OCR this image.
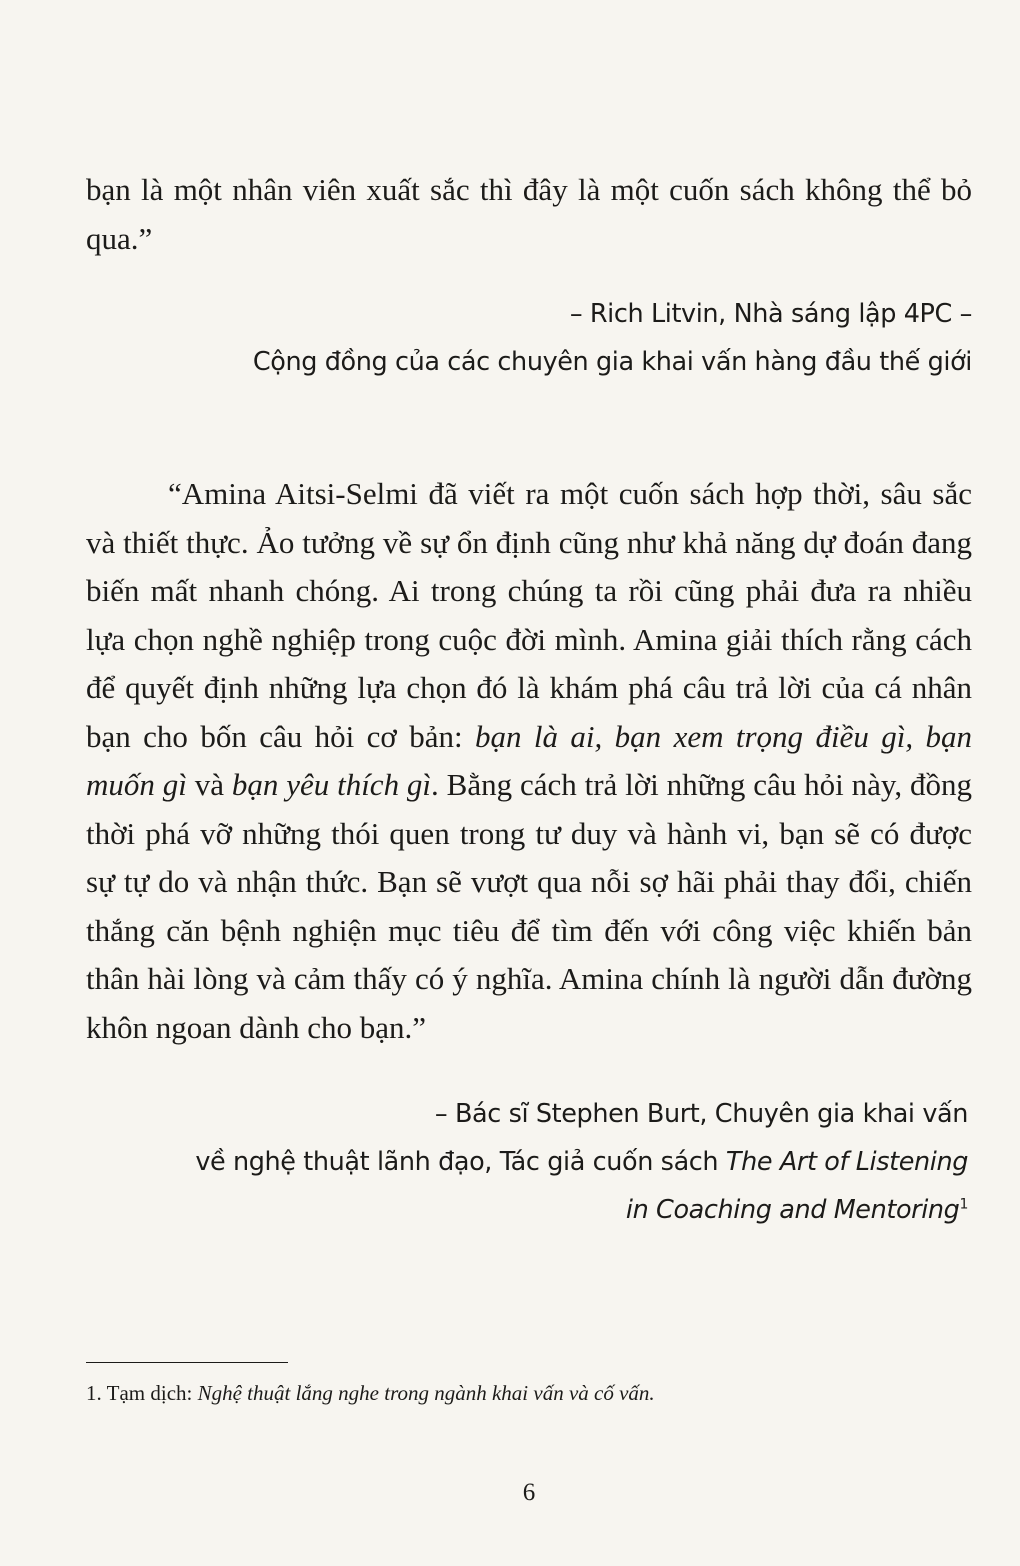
bạn là một nhân viên xuất sắc thì đây là một cuốn sách không thể bỏ qua.”

– Rich Litvin, Nhà sáng lập 4PC –
Cộng đồng của các chuyên gia khai vấn hàng đầu thế giới

“Amina Aitsi-Selmi đã viết ra một cuốn sách hợp thời, sâu sắc và thiết thực. Ảo tưởng về sự ổn định cũng như khả năng dự đoán đang biến mất nhanh chóng. Ai trong chúng ta rồi cũng phải đưa ra nhiều lựa chọn nghề nghiệp trong cuộc đời mình. Amina giải thích rằng cách để quyết định những lựa chọn đó là khám phá câu trả lời của cá nhân bạn cho bốn câu hỏi cơ bản: bạn là ai, bạn xem trọng điều gì, bạn muốn gì và bạn yêu thích gì. Bằng cách trả lời những câu hỏi này, đồng thời phá vỡ những thói quen trong tư duy và hành vi, bạn sẽ có được sự tự do và nhận thức. Bạn sẽ vượt qua nỗi sợ hãi phải thay đổi, chiến thắng căn bệnh nghiện mục tiêu để tìm đến với công việc khiến bản thân hài lòng và cảm thấy có ý nghĩa. Amina chính là người dẫn đường khôn ngoan dành cho bạn.”

– Bác sĩ Stephen Burt, Chuyên gia khai vấn
về nghệ thuật lãnh đạo, Tác giả cuốn sách The Art of Listening
in Coaching and Mentoring$^1$

1. Tạm dịch: Nghệ thuật lắng nghe trong ngành khai vấn và cố vấn.

6
